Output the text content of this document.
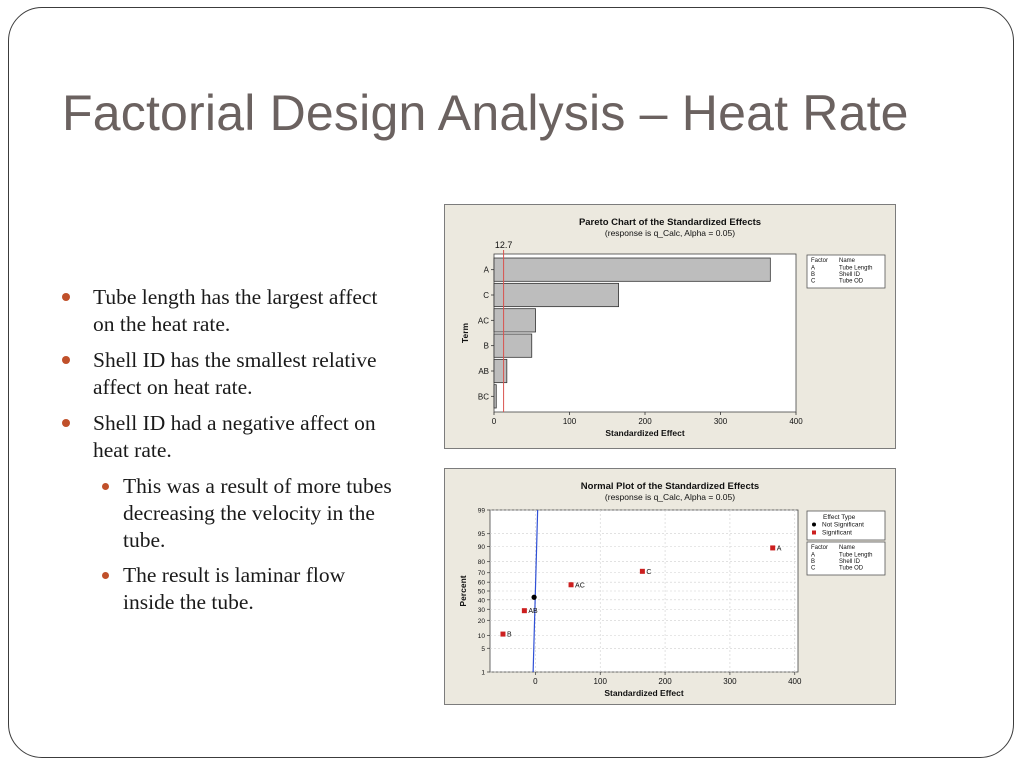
Factorial Design Analysis – Heat Rate
Tube length has the largest affect on the heat rate.
Shell ID has the smallest relative affect on heat rate.
Shell ID had a negative affect on heat rate.
This was a result of more tubes decreasing the velocity in the tube.
The result is laminar flow inside the tube.
Pareto Chart of the Standardized Effects
(response is q_Calc, Alpha = 0.05)
A
C
AC
B
AB
BC
12.7
0	100	200	300	400
Standardized Effect
Term
Factor Name
A	Tube Length
B	Shell ID
C	Tube OD
Normal Plot of the Standardized Effects
(response is q_Calc, Alpha = 0.05)
1
5
10
20
30
40
50
60
70
80
90
95
99
0	100	200	300	400
A
C
AC
AB
B
Standardized Effect
Percent
Effect Type
Not Significant
Significant
Factor Name
A	Tube Length
B	Shell ID
C	Tube OD
